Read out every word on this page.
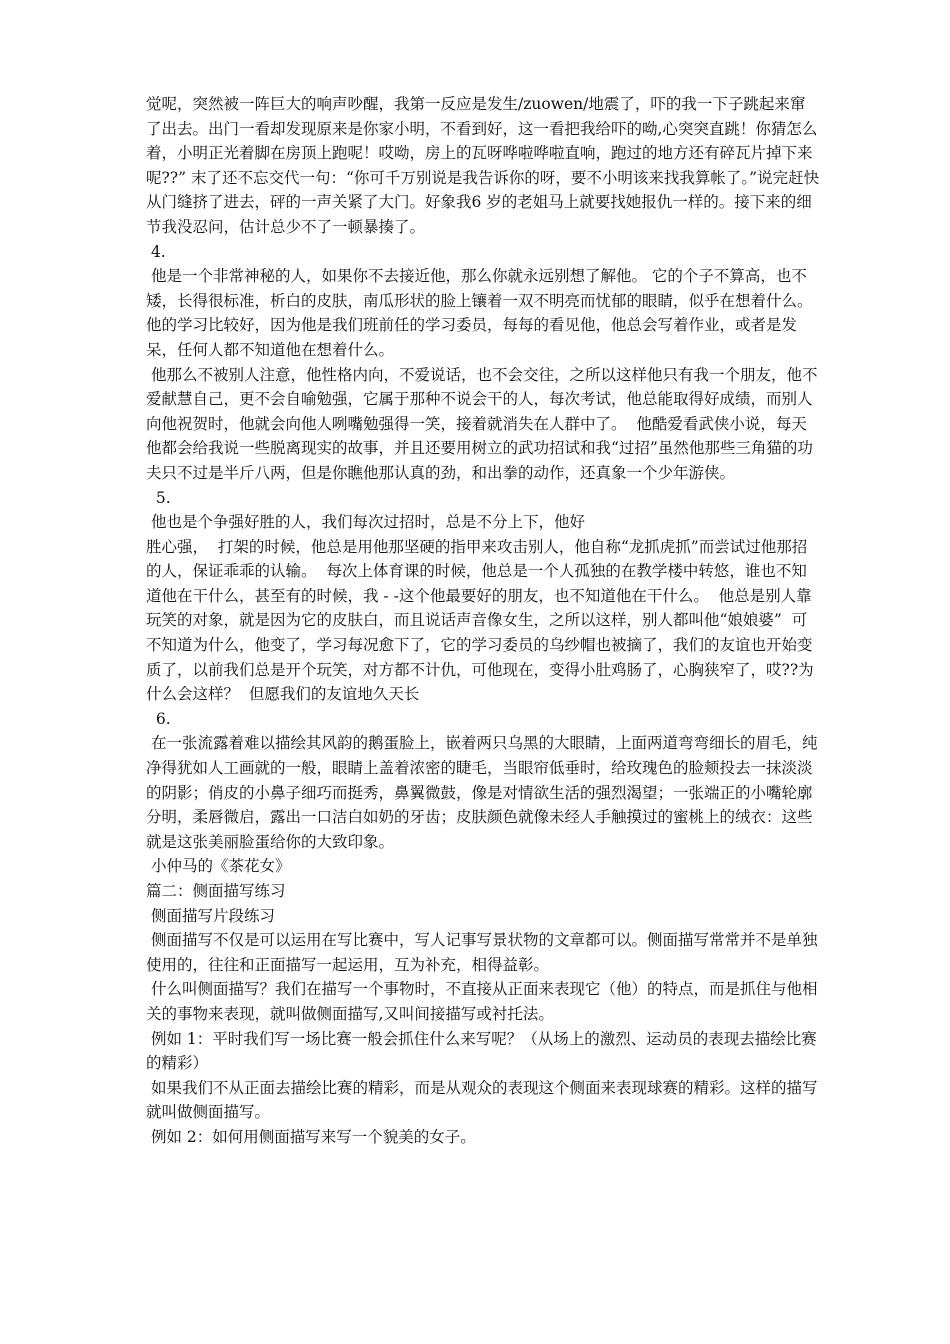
觉呢，突然被一阵巨大的响声吵醒，我第一反应是发生/zuowen/地震了，吓的我一下子跳起来窜了出去。出门一看却发现原来是你家小明，不看到好，这一看把我给吓的呦,心突突直跳！你猜怎么着，小明正光着脚在房顶上跑呢！哎呦，房上的瓦呀哗啦哗啦直响，跑过的地方还有碎瓦片掉下来呢??” 末了还不忘交代一句：“你可千万别说是我告诉你的呀，要不小明该来找我算帐了。”说完赶快从门缝挤了进去，砰的一声关紧了大门。好象我6 岁的老姐马上就要找她报仇一样的。接下来的细节我没忍问，估计总少不了一顿暴揍了。

4.

他是一个非常神秘的人，如果你不去接近他，那么你就永远别想了解他。 它的个子不算高，也不矮，长得很标准，析白的皮肤，南瓜形状的脸上镶着一双不明亮而忧郁的眼睛，似乎在想着什么。  他的学习比较好，因为他是我们班前任的学习委员，每每的看见他，他总会写着作业，或者是发呆，任何人都不知道他在想着什么。

他那么不被别人注意，他性格内向，不爱说话，也不会交往，之所以这样他只有我一个朋友，他不爱献慧自己，更不会自喻勉强，它属于那种不说会干的人，每次考试，他总能取得好成绩，而别人向他祝贺时，他就会向他人咧嘴勉强得一笑，接着就消失在人群中了。  他酷爱看武侠小说，每天他都会给我说一些脱离现实的故事，并且还要用树立的武功招试和我“过招”虽然他那些三角猫的功夫只不过是半斤八两，但是你瞧他那认真的劲，和出拳的动作，还真象一个少年游侠。

5.

他也是个争强好胜的人，我们每次过招时，总是不分上下，他好

胜心强，  打架的时候，他总是用他那坚硬的指甲来攻击别人，他自称“龙抓虎抓”而尝试过他那招的人，保证乖乖的认输。  每次上体育课的时候，他总是一个人孤独的在教学楼中转悠，谁也不知道他在干什么，甚至有的时候，我 - -这个他最要好的朋友，也不知道他在干什么。  他总是别人靠玩笑的对象，就是因为它的皮肤白，而且说话声音像女生，之所以这样，别人都叫他“娘娘婆”  可不知道为什么，他变了，学习每况愈下了，它的学习委员的乌纱帽也被摘了，我们的友谊也开始变质了，以前我们总是开个玩笑，对方都不计仇，可他现在，变得小肚鸡肠了，心胸狭窄了，哎??为什么会这样？  但愿我们的友谊地久天长

6.

在一张流露着难以描绘其风韵的鹅蛋脸上，嵌着两只乌黑的大眼睛，上面两道弯弯细长的眉毛，纯净得犹如人工画就的一般，眼睛上盖着浓密的睫毛，当眼帘低垂时，给玫瑰色的脸颊投去一抹淡淡的阴影；俏皮的小鼻子细巧而挺秀，鼻翼微鼓，像是对情欲生活的强烈渴望；一张端正的小嘴轮廓分明，柔唇微启，露出一口洁白如奶的牙齿；皮肤颜色就像未经人手触摸过的蜜桃上的绒衣：这些就是这张美丽脸蛋给你的大致印象。

小仲马的《茶花女》

篇二：侧面描写练习

侧面描写片段练习

侧面描写不仅是可以运用在写比赛中，写人记事写景状物的文章都可以。侧面描写常常并不是单独使用的，往往和正面描写一起运用，互为补充，相得益彰。

什么叫侧面描写？我们在描写一个事物时，不直接从正面来表现它（他）的特点，而是抓住与他相关的事物来表现，就叫做侧面描写,又叫间接描写或衬托法。

例如 1：平时我们写一场比赛一般会抓住什么来写呢？（从场上的激烈、运动员的表现去描绘比赛的精彩）

如果我们不从正面去描绘比赛的精彩，而是从观众的表现这个侧面来表现球赛的精彩。这样的描写就叫做侧面描写。

例如 2：如何用侧面描写来写一个貌美的女子。
